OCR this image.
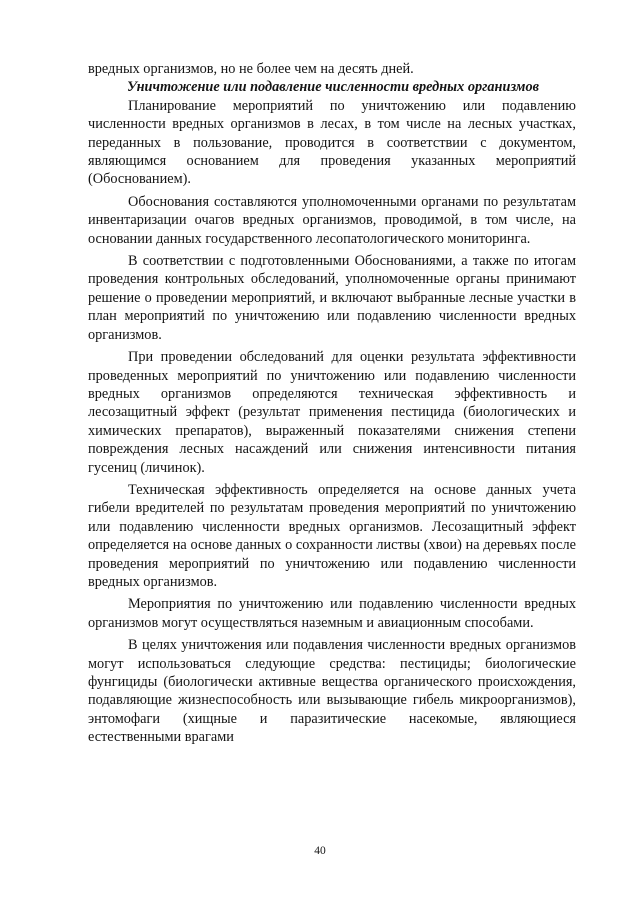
вредных организмов, но не более чем на десять дней.

Уничтожение или подавление численности вредных организмов

Планирование мероприятий по уничтожению или подавлению численности вредных организмов в лесах, в том числе на лесных участках, переданных в пользование, проводится в соответствии с документом, являющимся основанием для проведения указанных мероприятий (Обоснованием).

Обоснования составляются уполномоченными органами по результатам инвентаризации очагов вредных организмов, проводимой, в том числе, на основании данных государственного лесопатологического мониторинга.

В соответствии с подготовленными Обоснованиями, а также по итогам проведения контрольных обследований, уполномоченные органы принимают решение о проведении мероприятий, и включают выбранные лесные участки в план мероприятий по уничтожению или подавлению численности вредных организмов.

При проведении обследований для оценки результата эффективности проведенных мероприятий по уничтожению или подавлению численности вредных организмов определяются техническая эффективность и лесозащитный эффект (результат применения пестицида (биологических и химических препаратов), выраженный показателями снижения степени повреждения лесных насаждений или снижения интенсивности питания гусениц (личинок).

Техническая эффективность определяется на основе данных учета гибели вредителей по результатам проведения мероприятий по уничтожению или подавлению численности вредных организмов. Лесозащитный эффект определяется на основе данных о сохранности листвы (хвои) на деревьях после проведения мероприятий по уничтожению или подавлению численности вредных организмов.

Мероприятия по уничтожению или подавлению численности вредных организмов могут осуществляться наземным и авиационным способами.

В целях уничтожения или подавления численности вредных организмов могут использоваться следующие средства: пестициды; биологические фунгициды (биологически активные вещества органического происхождения, подавляющие жизнеспособность или вызывающие гибель микроорганизмов), энтомофаги (хищные и паразитические насекомые, являющиеся естественными врагами

40
